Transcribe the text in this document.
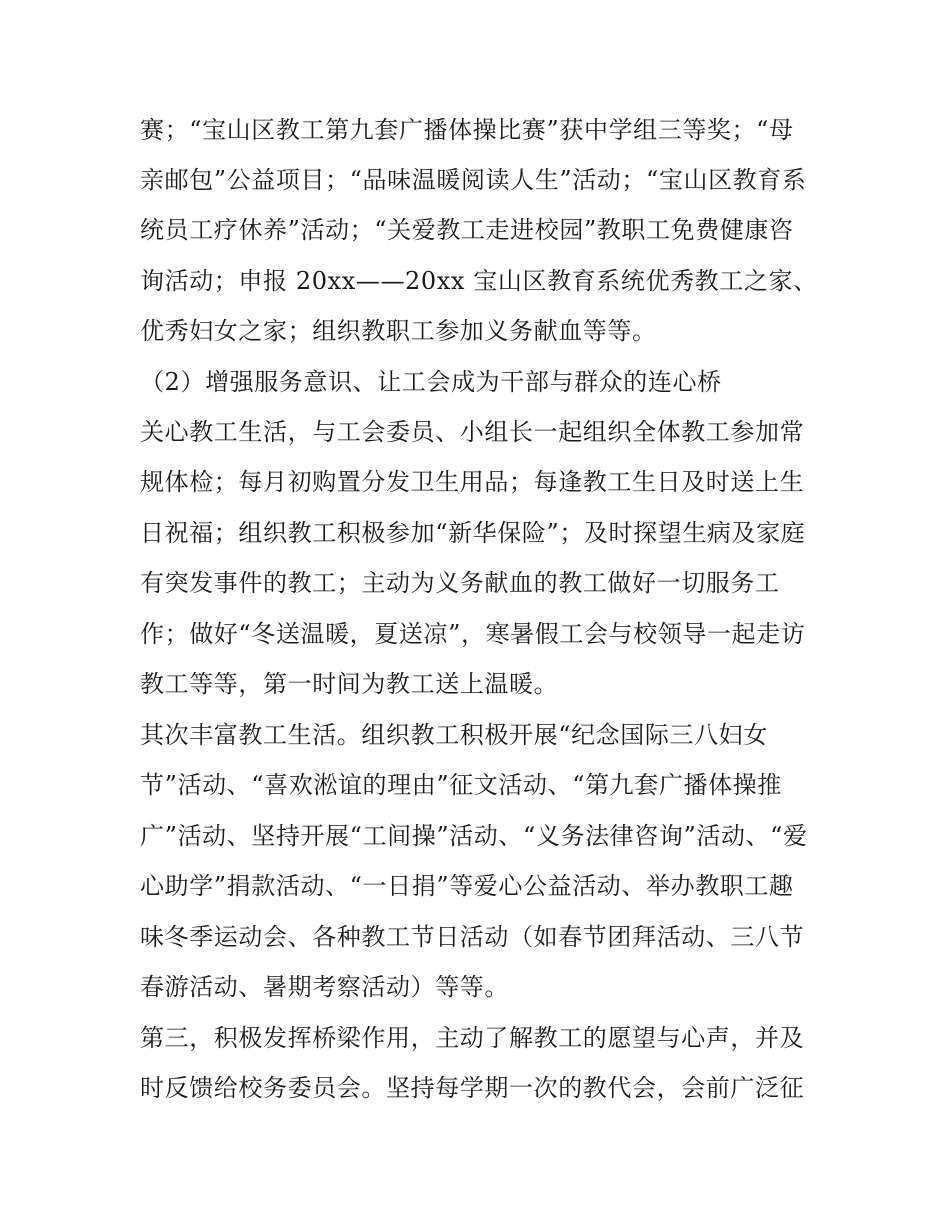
赛；“宝山区教工第九套广播体操比赛”获中学组三等奖；“母
亲邮包”公益项目；“品味温暖阅读人生”活动；“宝山区教育系
统员工疗休养”活动；“关爱教工走进校园”教职工免费健康咨
询活动；申报 20xx——20xx 宝山区教育系统优秀教工之家、
优秀妇女之家；组织教职工参加义务献血等等。
（2）增强服务意识、让工会成为干部与群众的连心桥
关心教工生活，与工会委员、小组长一起组织全体教工参加常
规体检；每月初购置分发卫生用品；每逢教工生日及时送上生
日祝福；组织教工积极参加“新华保险”；及时探望生病及家庭
有突发事件的教工；主动为义务献血的教工做好一切服务工
作；做好“冬送温暖，夏送凉”，寒暑假工会与校领导一起走访
教工等等，第一时间为教工送上温暖。
其次丰富教工生活。组织教工积极开展“纪念国际三八妇女
节”活动、“喜欢淞谊的理由”征文活动、“第九套广播体操推
广”活动、坚持开展“工间操”活动、“义务法律咨询”活动、“爱
心助学”捐款活动、“一日捐”等爱心公益活动、举办教职工趣
味冬季运动会、各种教工节日活动（如春节团拜活动、三八节
春游活动、暑期考察活动）等等。
第三，积极发挥桥梁作用，主动了解教工的愿望与心声，并及
时反馈给校务委员会。坚持每学期一次的教代会，会前广泛征
